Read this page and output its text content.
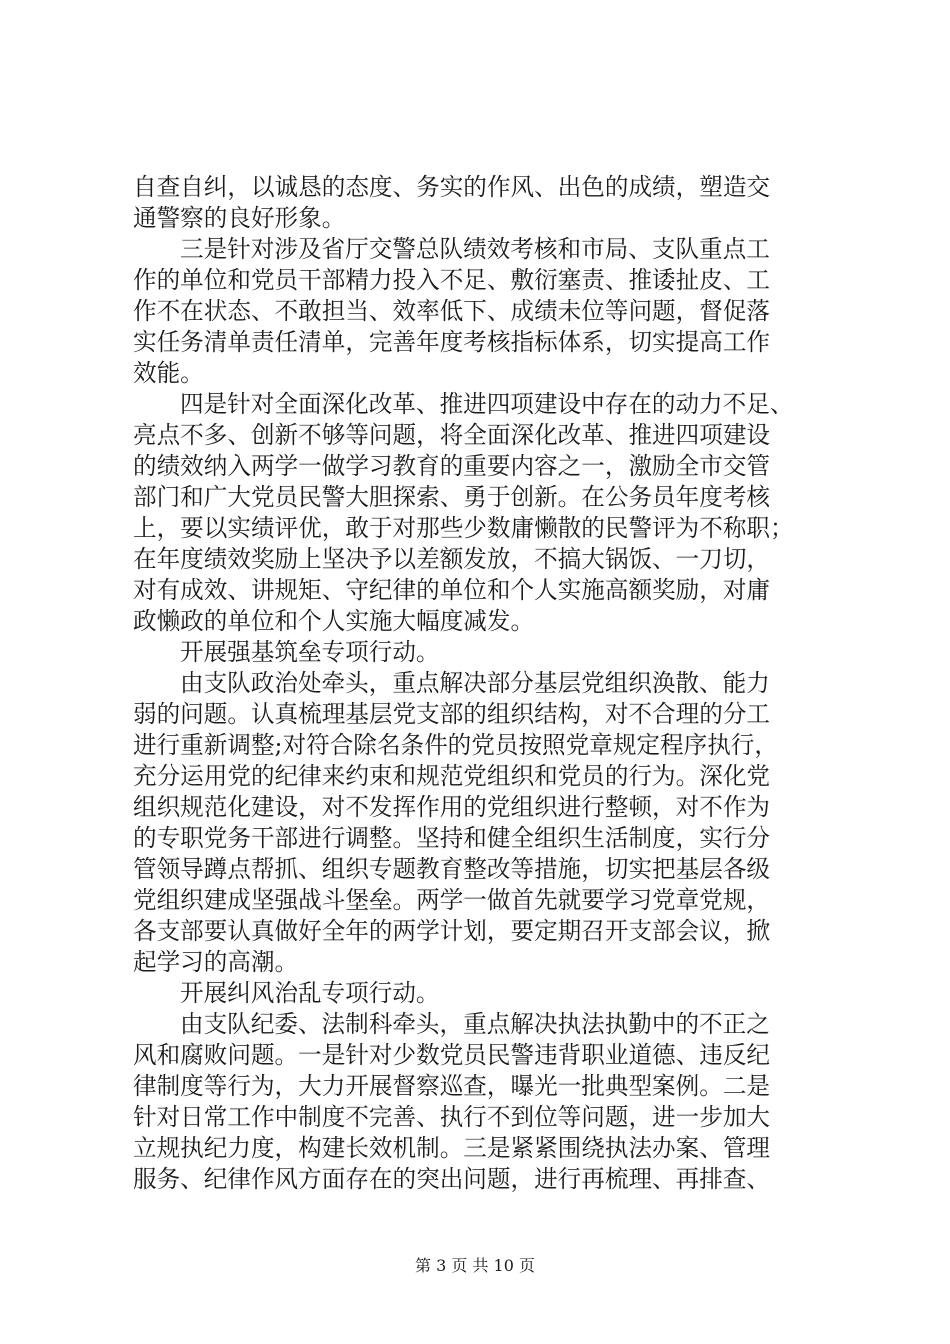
自查自纠，以诚恳的态度、务实的作风、出色的成绩，塑造交
通警察的良好形象。
三是针对涉及省厅交警总队绩效考核和市局、支队重点工
作的单位和党员干部精力投入不足、敷衍塞责、推诿扯皮、工
作不在状态、不敢担当、效率低下、成绩未位等问题，督促落
实任务清单责任清单，完善年度考核指标体系，切实提高工作
效能。
四是针对全面深化改革、推进四项建设中存在的动力不足、
亮点不多、创新不够等问题，将全面深化改革、推进四项建设
的绩效纳入两学一做学习教育的重要内容之一，激励全市交管
部门和广大党员民警大胆探索、勇于创新。在公务员年度考核
上，要以实绩评优，敢于对那些少数庸懒散的民警评为不称职；
在年度绩效奖励上坚决予以差额发放，不搞大锅饭、一刀切，
对有成效、讲规矩、守纪律的单位和个人实施高额奖励，对庸
政懒政的单位和个人实施大幅度减发。
开展强基筑垒专项行动。
由支队政治处牵头，重点解决部分基层党组织涣散、能力
弱的问题。认真梳理基层党支部的组织结构，对不合理的分工
进行重新调整;对符合除名条件的党员按照党章规定程序执行，
充分运用党的纪律来约束和规范党组织和党员的行为。深化党
组织规范化建设，对不发挥作用的党组织进行整顿，对不作为
的专职党务干部进行调整。坚持和健全组织生活制度，实行分
管领导蹲点帮抓、组织专题教育整改等措施，切实把基层各级
党组织建成坚强战斗堡垒。两学一做首先就要学习党章党规，
各支部要认真做好全年的两学计划，要定期召开支部会议，掀
起学习的高潮。
开展纠风治乱专项行动。
由支队纪委、法制科牵头，重点解决执法执勤中的不正之
风和腐败问题。一是针对少数党员民警违背职业道德、违反纪
律制度等行为，大力开展督察巡查，曝光一批典型案例。二是
针对日常工作中制度不完善、执行不到位等问题，进一步加大
立规执纪力度，构建长效机制。三是紧紧围绕执法办案、管理
服务、纪律作风方面存在的突出问题，进行再梳理、再排查、
第 3 页 共 10 页
